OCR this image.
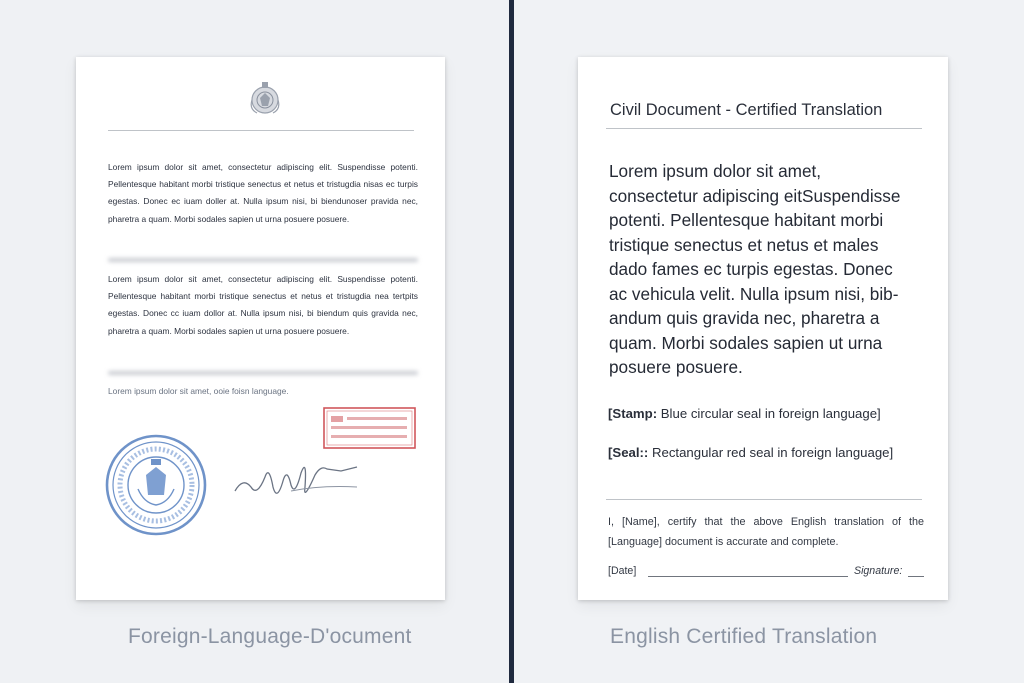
Lorem ipsum dolor sit amet, consectetur adipiscing elit. Suspendisse potenti. Pellentesque habitant morbi tristique senectus et netus et tristugdia nisas ec turpis egestas. Donec ec iuam doller at. Nulla ipsum nisi, bi biendunoser pravida nec, pharetra a quam. Morbi sodales sapien ut urna posuere posuere.

Lorem ipsum dolor sit amet, consectetur adipiscing elit. Suspendisse potenti. Pellentesque habitant morbi tristique senectus et netus et tristugdia nea tertpits egestas. Donec cc iuam dollor at. Nulla ipsum nisi, bi biendum quis gravida nec, pharetra a quam. Morbi sodales sapien ut urna posuere posuere.

Lorem ipsum dolor sit amet, ooie foisn language.
Foreign-Language-D'ocument
Civil Document - Certified Translation

Lorem ipsum dolor sit amet, consectetur adipiscing eitSuspendisse potenti. Pellentesque habitant morbi tristique senectus et netus et males dado fames ec turpis egestas. Donec ac vehicula velit. Nulla ipsum nisi, bib-andum quis gravida nec, pharetra a quam. Morbi sodales sapien ut urna posuere posuere.

[Stamp: Blue circular seal in foreign language]
[Seal:: Rectangular red seal in foreign language]
I, [Name], certify that the above English translation of the [Language] document is accurate and complete.
[Date]	Signature:
English Certified Translation
